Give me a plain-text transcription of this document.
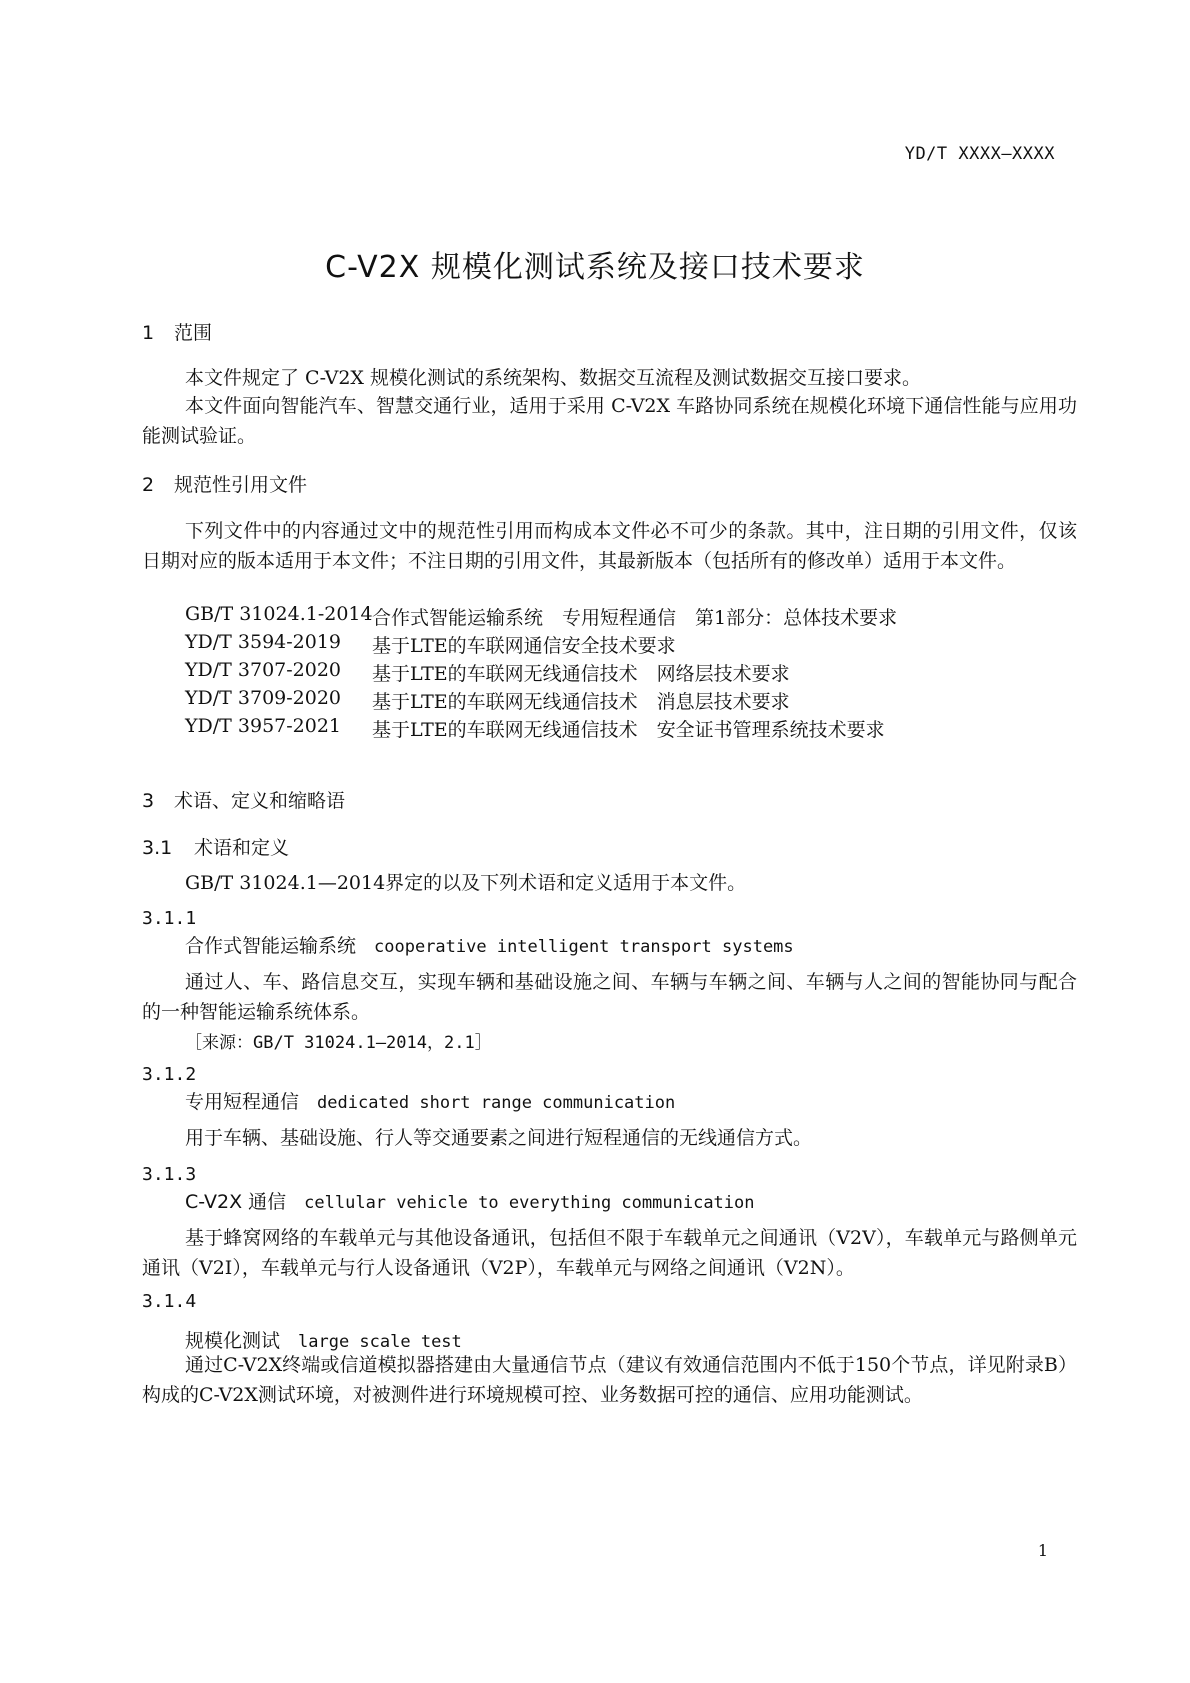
YD/T XXXX—XXXX
C-V2X 规模化测试系统及接口技术要求
1 范围
本文件规定了 C-V2X 规模化测试的系统架构、数据交互流程及测试数据交互接口要求。
本文件面向智能汽车、智慧交通行业，适用于采用 C-V2X 车路协同系统在规模化环境下通信性能与应用功能测试验证。
2 规范性引用文件
下列文件中的内容通过文中的规范性引用而构成本文件必不可少的条款。其中，注日期的引用文件，仅该日期对应的版本适用于本文件；不注日期的引用文件，其最新版本（包括所有的修改单）适用于本文件。
GB/T 31024.1-2014 合作式智能运输系统　专用短程通信　第1部分：总体技术要求
YD/T 3594-2019 基于LTE的车联网通信安全技术要求
YD/T 3707-2020 基于LTE的车联网无线通信技术　网络层技术要求
YD/T 3709-2020 基于LTE的车联网无线通信技术　消息层技术要求
YD/T 3957-2021 基于LTE的车联网无线通信技术　安全证书管理系统技术要求
3 术语、定义和缩略语
3.1 术语和定义
GB/T 31024.1—2014界定的以及下列术语和定义适用于本文件。
3.1.1
合作式智能运输系统 cooperative intelligent transport systems
通过人、车、路信息交互，实现车辆和基础设施之间、车辆与车辆之间、车辆与人之间的智能协同与配合的一种智能运输系统体系。
［来源：GB/T 31024.1—2014，2.1］
3.1.2
专用短程通信 dedicated short range communication
用于车辆、基础设施、行人等交通要素之间进行短程通信的无线通信方式。
3.1.3
C-V2X 通信 cellular vehicle to everything communication
基于蜂窝网络的车载单元与其他设备通讯，包括但不限于车载单元之间通讯（V2V），车载单元与路侧单元通讯（V2I），车载单元与行人设备通讯（V2P），车载单元与网络之间通讯（V2N）。
3.1.4
规模化测试 large scale test
通过C-V2X终端或信道模拟器搭建由大量通信节点（建议有效通信范围内不低于150个节点，详见附录B）构成的C-V2X测试环境，对被测件进行环境规模可控、业务数据可控的通信、应用功能测试。
1
